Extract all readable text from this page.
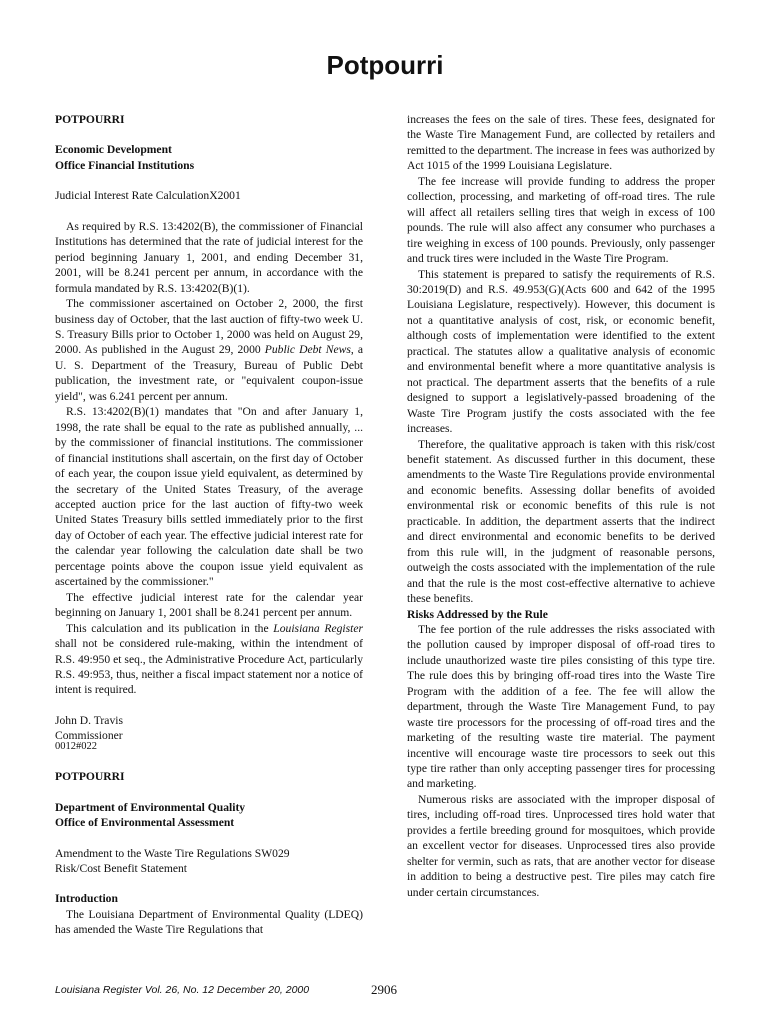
Potpourri

POTPOURRI

Economic Development

Office Financial Institutions

Judicial Interest Rate CalculationX2001

As required by R.S. 13:4202(B), the commissioner of Financial Institutions has determined that the rate of judicial interest for the period beginning January 1, 2001, and ending December 31, 2001, will be 8.241 percent per annum, in accordance with the formula mandated by R.S. 13:4202(B)(1).

The commissioner ascertained on October 2, 2000, the first business day of October, that the last auction of fifty-two week U. S. Treasury Bills prior to October 1, 2000 was held on August 29, 2000. As published in the August 29, 2000 Public Debt News, a U. S. Department of the Treasury, Bureau of Public Debt publication, the investment rate, or "equivalent coupon-issue yield", was 6.241 percent per annum.

R.S. 13:4202(B)(1) mandates that "On and after January 1, 1998, the rate shall be equal to the rate as published annually, ... by the commissioner of financial institutions. The commissioner of financial institutions shall ascertain, on the first day of October of each year, the coupon issue yield equivalent, as determined by the secretary of the United States Treasury, of the average accepted auction price for the last auction of fifty-two week United States Treasury bills settled immediately prior to the first day of October of each year. The effective judicial interest rate for the calendar year following the calculation date shall be two percentage points above the coupon issue yield equivalent as ascertained by the commissioner."

The effective judicial interest rate for the calendar year beginning on January 1, 2001 shall be 8.241 percent per annum.

This calculation and its publication in the Louisiana Register shall not be considered rule-making, within the intendment of R.S. 49:950 et seq., the Administrative Procedure Act, particularly R.S. 49:953, thus, neither a fiscal impact statement nor a notice of intent is required.

John D. Travis

Commissioner

0012#022

POTPOURRI

Department of Environmental Quality

Office of Environmental Assessment

Amendment to the Waste Tire Regulations SW029

Risk/Cost Benefit Statement

Introduction

The Louisiana Department of Environmental Quality (LDEQ) has amended the Waste Tire Regulations that

increases the fees on the sale of tires. These fees, designated for the Waste Tire Management Fund, are collected by retailers and remitted to the department. The increase in fees was authorized by Act 1015 of the 1999 Louisiana Legislature.

The fee increase will provide funding to address the proper collection, processing, and marketing of off-road tires. The rule will affect all retailers selling tires that weigh in excess of 100 pounds. The rule will also affect any consumer who purchases a tire weighing in excess of 100 pounds. Previously, only passenger and truck tires were included in the Waste Tire Program.

This statement is prepared to satisfy the requirements of R.S. 30:2019(D) and R.S. 49.953(G)(Acts 600 and 642 of the 1995 Louisiana Legislature, respectively). However, this document is not a quantitative analysis of cost, risk, or economic benefit, although costs of implementation were identified to the extent practical. The statutes allow a qualitative analysis of economic and environmental benefit where a more quantitative analysis is not practical. The department asserts that the benefits of a rule designed to support a legislatively-passed broadening of the Waste Tire Program justify the costs associated with the fee increases.

Therefore, the qualitative approach is taken with this risk/cost benefit statement. As discussed further in this document, these amendments to the Waste Tire Regulations provide environmental and economic benefits. Assessing dollar benefits of avoided environmental risk or economic benefits of this rule is not practicable. In addition, the department asserts that the indirect and direct environmental and economic benefits to be derived from this rule will, in the judgment of reasonable persons, outweigh the costs associated with the implementation of the rule and that the rule is the most cost-effective alternative to achieve these benefits.

Risks Addressed by the Rule

The fee portion of the rule addresses the risks associated with the pollution caused by improper disposal of off-road tires to include unauthorized waste tire piles consisting of this type tire. The rule does this by bringing off-road tires into the Waste Tire Program with the addition of a fee. The fee will allow the department, through the Waste Tire Management Fund, to pay waste tire processors for the processing of off-road tires and the marketing of the resulting waste tire material. The payment incentive will encourage waste tire processors to seek out this type tire rather than only accepting passenger tires for processing and marketing.

Numerous risks are associated with the improper disposal of tires, including off-road tires. Unprocessed tires hold water that provides a fertile breeding ground for mosquitoes, which provide an excellent vector for diseases. Unprocessed tires also provide shelter for vermin, such as rats, that are another vector for disease in addition to being a destructive pest. Tire piles may catch fire under certain circumstances.

Louisiana Register Vol. 26, No. 12 December 20, 2000	2906
